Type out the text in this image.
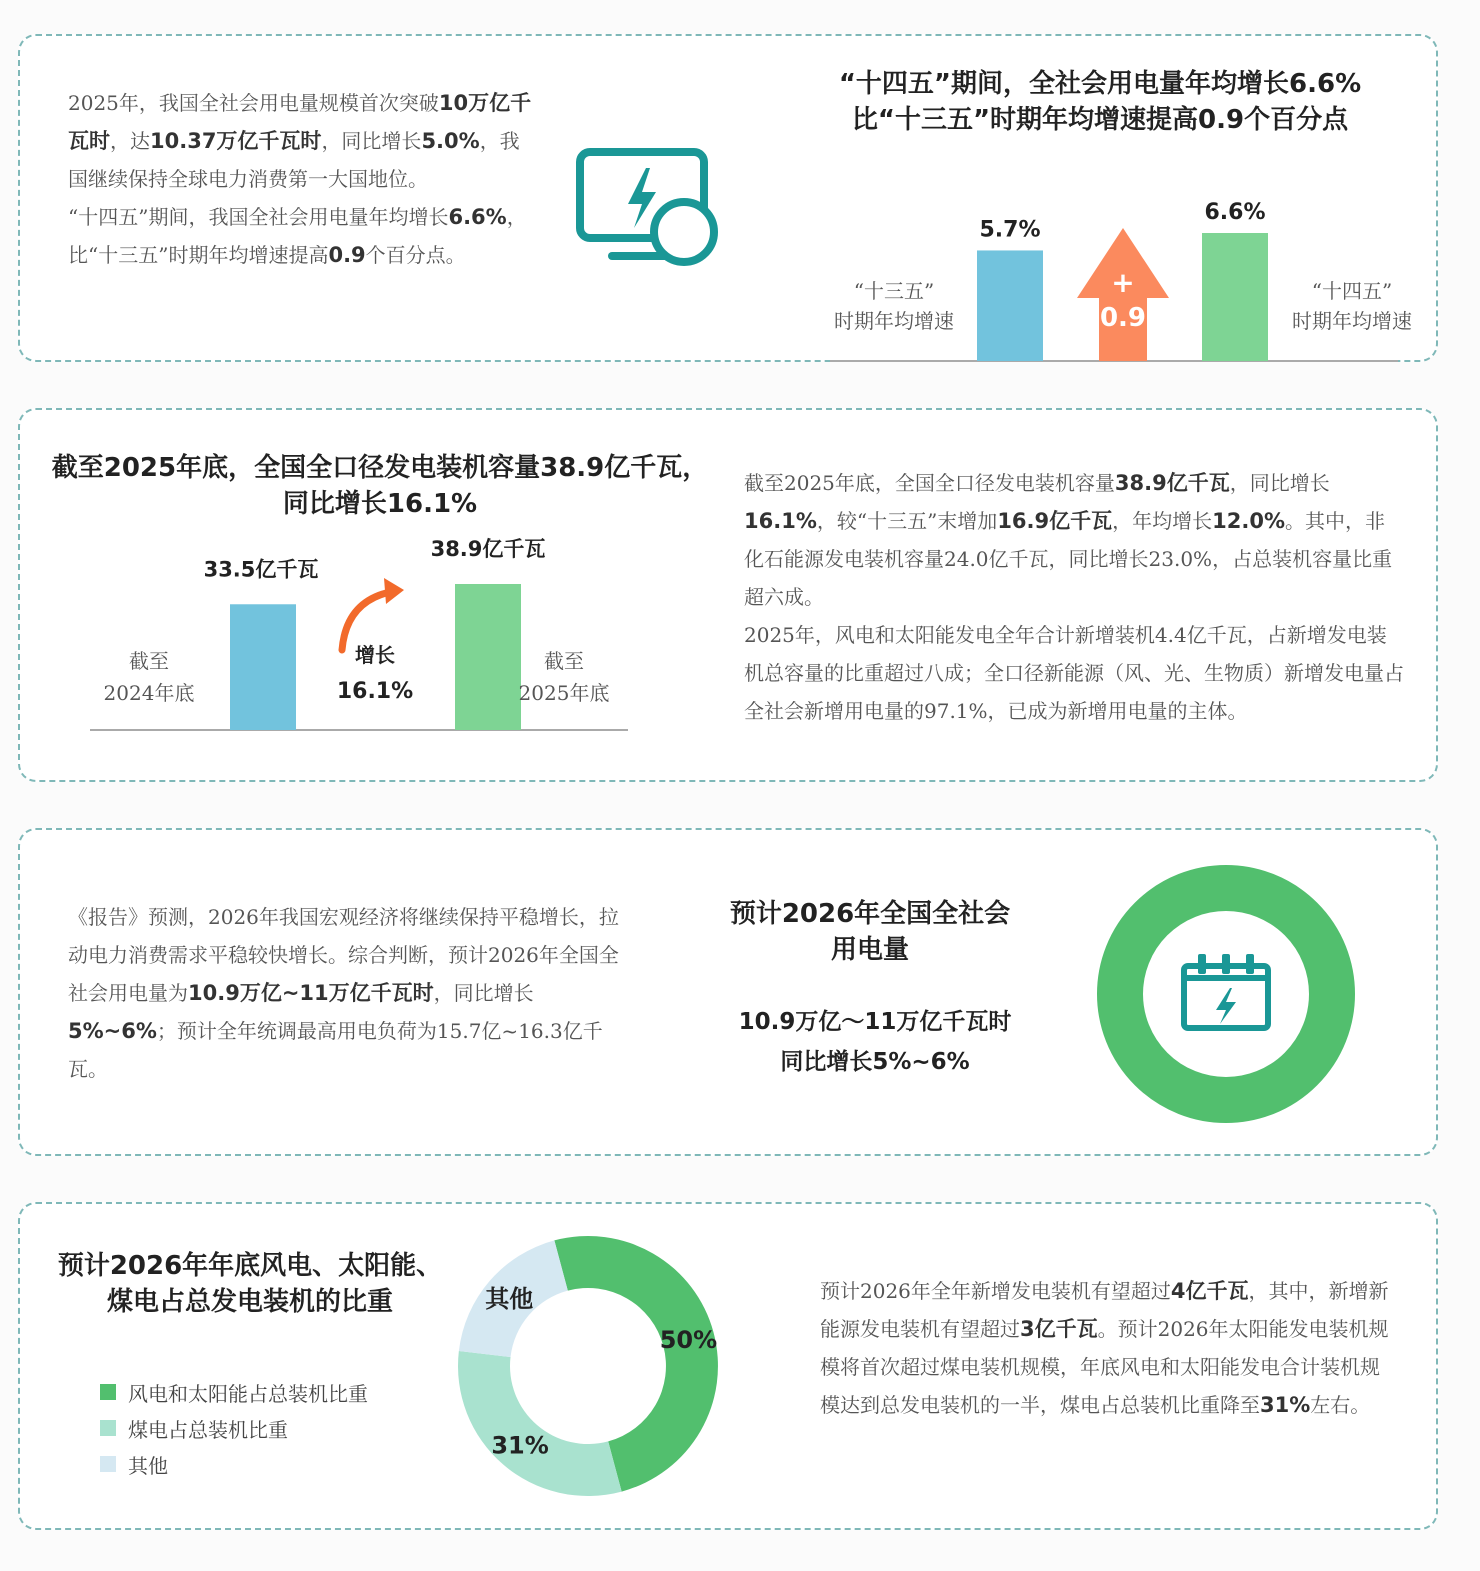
2025年，我国全社会用电量规模首次突破10万亿千瓦时，达10.37万亿千瓦时，同比增长5.0%，我国继续保持全球电力消费第一大国地位。
“十四五”期间，我国全社会用电量年均增长6.6%，比“十三五”时期年均增速提高0.9个百分点。
“十四五”期间，全社会用电量年均增长6.6%
比“十三五”时期年均增速提高0.9个百分点
5.7%
6.6%
“十三五”时期年均增速
“十四五”时期年均增速
+
0.9
截至2025年底，全国全口径发电装机容量38.9亿千瓦，
同比增长16.1%
33.5亿千瓦
38.9亿千瓦
截至 2024年底
截至 2025年底
增长
16.1%
截至2025年底，全国全口径发电装机容量38.9亿千瓦，同比增长16.1%，较“十三五”末增加16.9亿千瓦，年均增长12.0%。其中，非化石能源发电装机容量24.0亿千瓦，同比增长23.0%，占总装机容量比重超六成。
2025年，风电和太阳能发电全年合计新增装机4.4亿千瓦，占新增发电装机总容量的比重超过八成；全口径新能源（风、光、生物质）新增发电量占全社会新增用电量的97.1%，已成为新增用电量的主体。
《报告》预测，2026年我国宏观经济将继续保持平稳增长，拉动电力消费需求平稳较快增长。综合判断，预计2026年全国全社会用电量为10.9万亿~11万亿千瓦时，同比增长5%~6%；预计全年统调最高用电负荷为15.7亿~16.3亿千瓦。
预计2026年全国全社会
用电量
10.9万亿～11万亿千瓦时
同比增长5%~6%
预计2026年年底风电、太阳能、
煤电占总发电装机的比重
风电和太阳能占总装机比重
煤电占总装机比重
其他
50%
31%
其他	预计2026年全年新增发电装机有望超过4亿千瓦，其中，新增新能源发电装机有望超过3亿千瓦。预计2026年太阳能发电装机规模将首次超过煤电装机规模，年底风电和太阳能发电合计装机规模达到总发电装机的一半，煤电占总装机比重降至31%左右。
